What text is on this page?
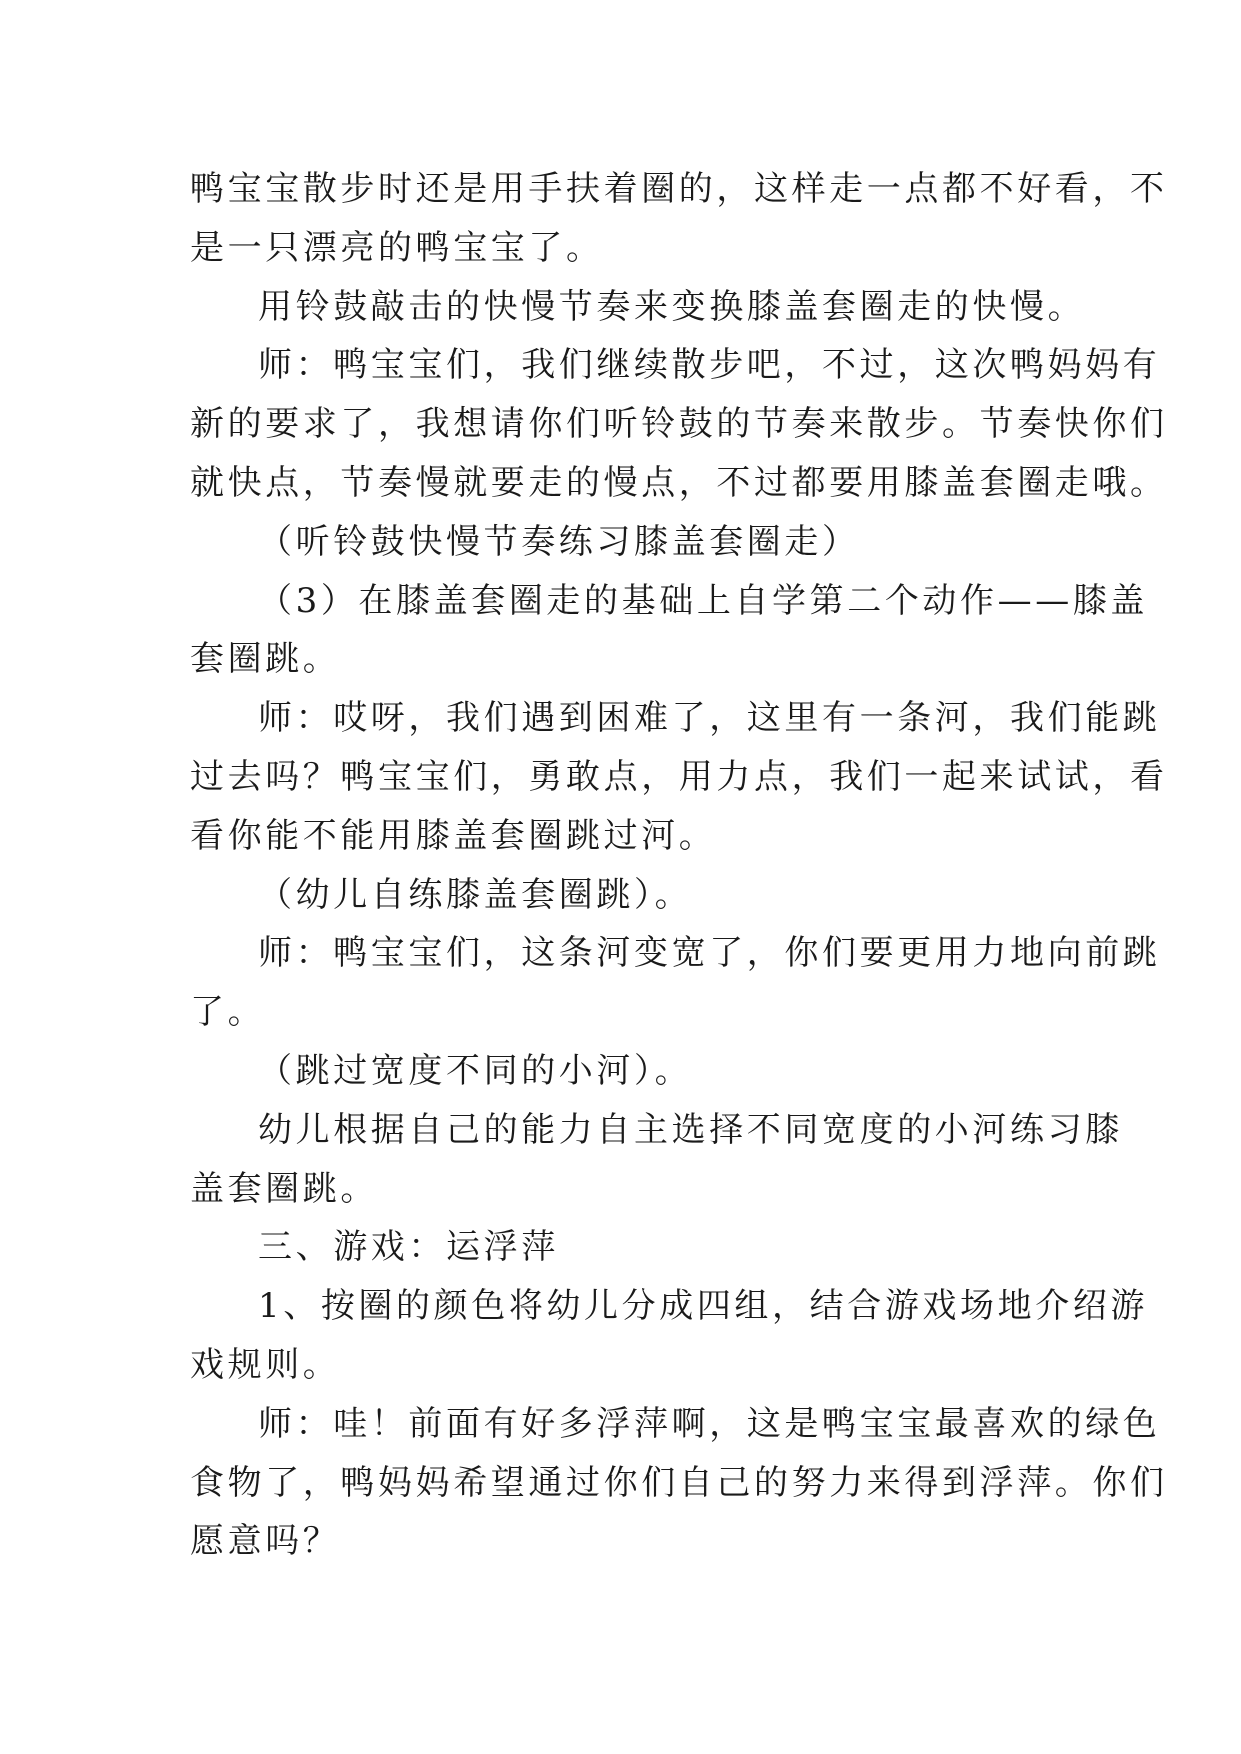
鸭宝宝散步时还是用手扶着圈的，这样走一点都不好看，不
是一只漂亮的鸭宝宝了。
用铃鼓敲击的快慢节奏来变换膝盖套圈走的快慢。
师：鸭宝宝们，我们继续散步吧，不过，这次鸭妈妈有
新的要求了，我想请你们听铃鼓的节奏来散步。节奏快你们
就快点，节奏慢就要走的慢点，不过都要用膝盖套圈走哦。
（听铃鼓快慢节奏练习膝盖套圈走）
（3）在膝盖套圈走的基础上自学第二个动作——膝盖
套圈跳。
师：哎呀，我们遇到困难了，这里有一条河，我们能跳
过去吗？鸭宝宝们，勇敢点，用力点，我们一起来试试，看
看你能不能用膝盖套圈跳过河。
（幼儿自练膝盖套圈跳）。
师：鸭宝宝们，这条河变宽了，你们要更用力地向前跳
了。
（跳过宽度不同的小河）。
幼儿根据自己的能力自主选择不同宽度的小河练习膝
盖套圈跳。
三、游戏：运浮萍
1、按圈的颜色将幼儿分成四组，结合游戏场地介绍游
戏规则。
师：哇！前面有好多浮萍啊，这是鸭宝宝最喜欢的绿色
食物了，鸭妈妈希望通过你们自己的努力来得到浮萍。你们
愿意吗？
